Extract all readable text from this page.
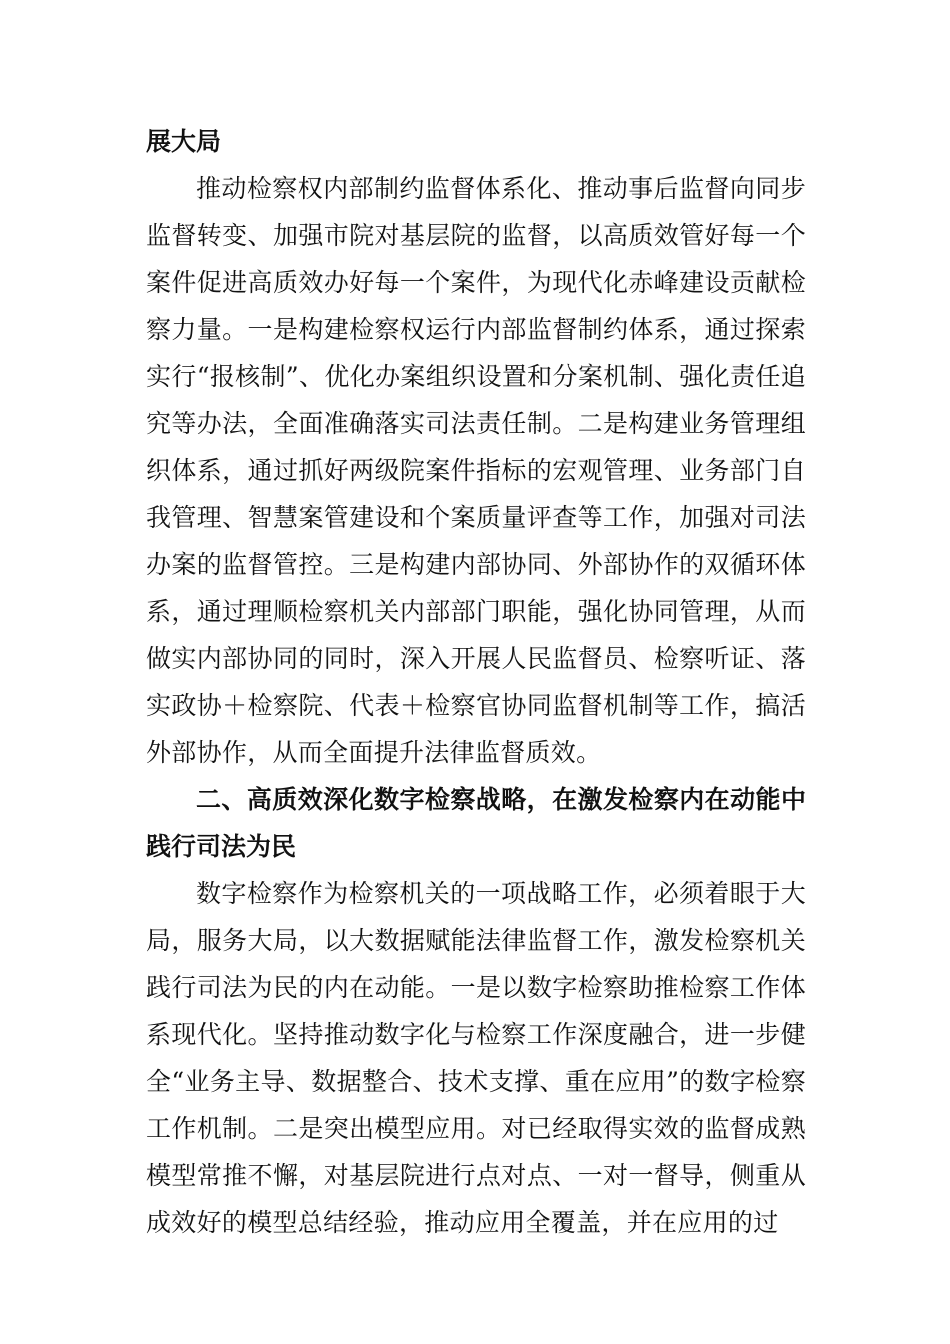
展大局

推动检察权内部制约监督体系化、推动事后监督向同步监督转变、加强市院对基层院的监督，以高质效管好每一个案件促进高质效办好每一个案件，为现代化赤峰建设贡献检察力量。一是构建检察权运行内部监督制约体系，通过探索实行“报核制”、优化办案组织设置和分案机制、强化责任追究等办法，全面准确落实司法责任制。二是构建业务管理组织体系，通过抓好两级院案件指标的宏观管理、业务部门自我管理、智慧案管建设和个案质量评查等工作，加强对司法办案的监督管控。三是构建内部协同、外部协作的双循环体系，通过理顺检察机关内部部门职能，强化协同管理，从而做实内部协同的同时，深入开展人民监督员、检察听证、落实政协＋检察院、代表＋检察官协同监督机制等工作，搞活外部协作，从而全面提升法律监督质效。

二、高质效深化数字检察战略，在激发检察内在动能中践行司法为民

数字检察作为检察机关的一项战略工作，必须着眼于大局，服务大局，以大数据赋能法律监督工作，激发检察机关践行司法为民的内在动能。一是以数字检察助推检察工作体系现代化。坚持推动数字化与检察工作深度融合，进一步健全“业务主导、数据整合、技术支撑、重在应用”的数字检察工作机制。二是突出模型应用。对已经取得实效的监督成熟模型常推不懈，对基层院进行点对点、一对一督导，侧重从成效好的模型总结经验，推动应用全覆盖，并在应用的过
